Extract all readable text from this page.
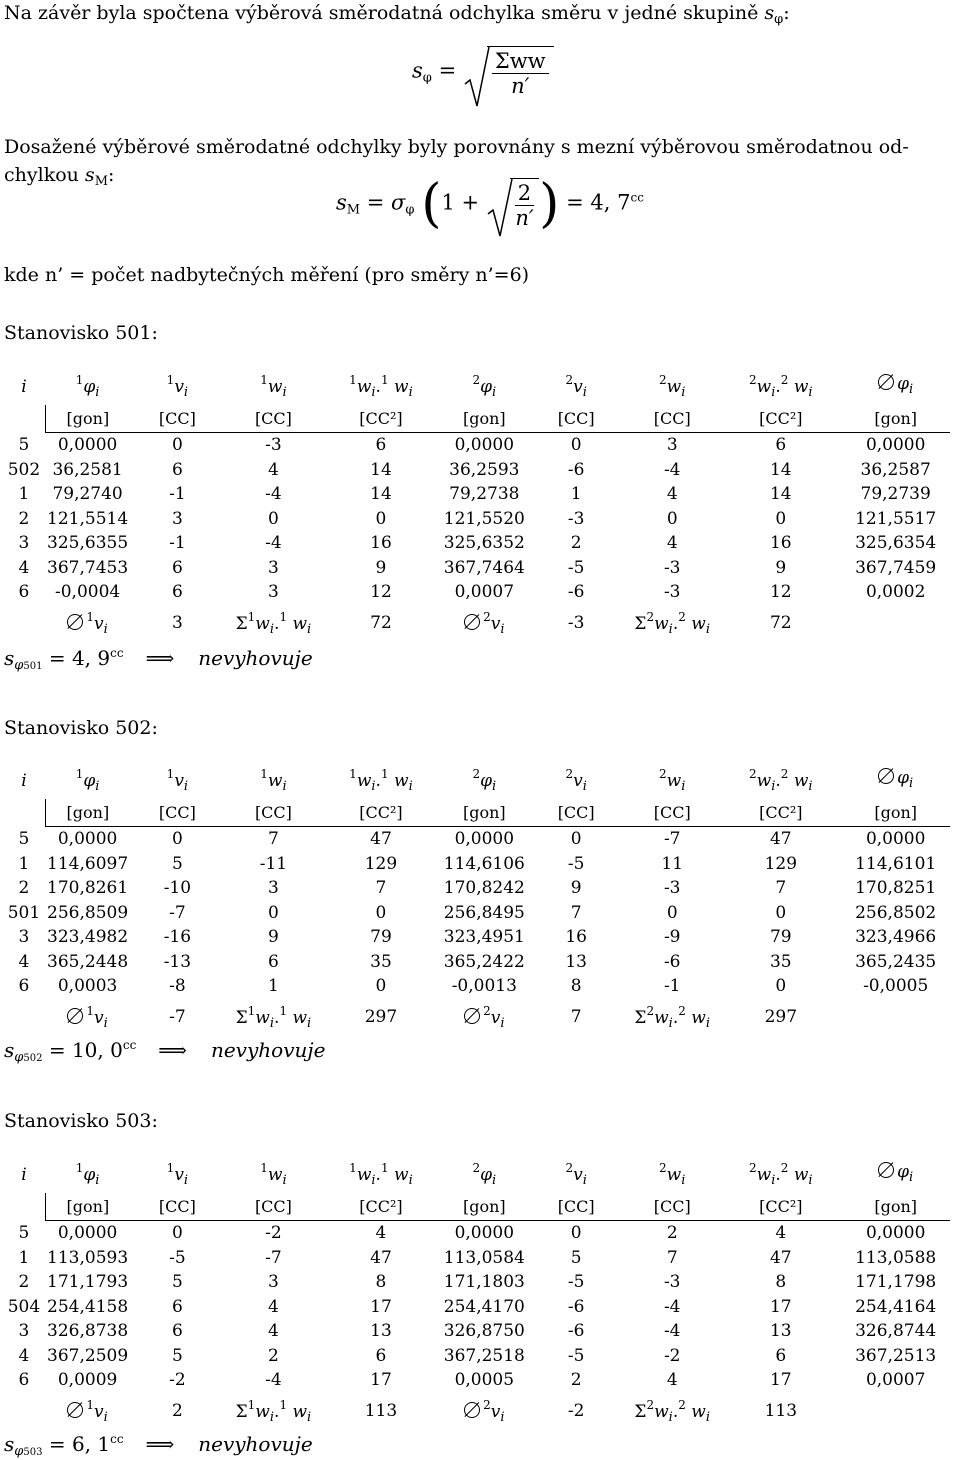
Na závěr byla spočtena výběrová směrodatná odchylka směru v jedné skupině $s_\varphi$:
$s_\varphi = \frac{\text{Σww}}{n'}$
Dosažené výběrové směrodatné odchylky byly porovnány s mezní výběrovou směrodatnou od-
chylkou $s_M$:
$s_M = \sigma_\varphi$ ($1 + \frac{2}{n'}$ ) = 4, $7^{cc}$
kde n’ = počet nadbytečných měření (pro směry n’=6)
Stanovisko 501:
i	$^1\varphi_i$	$^1v_i$	$^1w_i$	$^1w_i.^1$ $w_i$	$^2\varphi_i$	$^2v_i$	$^2w_i$	$^2w_i.^2$ $w_i$	$\varphi_i$
	[gon]	[CC]	[CC]	[CC²]	[gon]	[CC]	[CC]	[CC²]	[gon]
5	0,0000	0	-3	6	0,0000	0	3	6	0,0000
502	36,2581	6	4	14	36,2593	-6	-4	14	36,2587
1	79,2740	-1	-4	14	79,2738	1	4	14	79,2739
2	121,5514	3	0	0	121,5520	-3	0	0	121,5517
3	325,6355	-1	-4	16	325,6352	2	4	16	325,6354
4	367,7453	6	3	9	367,7464	-5	-3	9	367,7459
6	-0,0004	6	3	12	0,0007	-6	-3	12	0,0002
	$^1v_i$	3	$\Sigma^1w_i.^1$ $w_i$	72	$^2v_i$	-3	$\Sigma^2w_i.^2$ $w_i$	72	
$s_{\varphi 501} = 4$, $9^{cc}$ ⟹ nevyhovuje
Stanovisko 502:
i	$^1\varphi_i$	$^1v_i$	$^1w_i$	$^1w_i.^1$ $w_i$	$^2\varphi_i$	$^2v_i$	$^2w_i$	$^2w_i.^2$ $w_i$	$\varphi_i$
	[gon]	[CC]	[CC]	[CC²]	[gon]	[CC]	[CC]	[CC²]	[gon]
5	0,0000	0	7	47	0,0000	0	-7	47	0,0000
1	114,6097	5	-11	129	114,6106	-5	11	129	114,6101
2	170,8261	-10	3	7	170,8242	9	-3	7	170,8251
501	256,8509	-7	0	0	256,8495	7	0	0	256,8502
3	323,4982	-16	9	79	323,4951	16	-9	79	323,4966
4	365,2448	-13	6	35	365,2422	13	-6	35	365,2435
6	0,0003	-8	1	0	-0,0013	8	-1	0	-0,0005
	$^1v_i$	-7	$\Sigma^1w_i.^1$ $w_i$	297	$^2v_i$	7	$\Sigma^2w_i.^2$ $w_i$	297	
$s_{\varphi 502} = 10$, $0^{cc}$ ⟹ nevyhovuje
Stanovisko 503:
i	$^1\varphi_i$	$^1v_i$	$^1w_i$	$^1w_i.^1$ $w_i$	$^2\varphi_i$	$^2v_i$	$^2w_i$	$^2w_i.^2$ $w_i$	$\varphi_i$
	[gon]	[CC]	[CC]	[CC²]	[gon]	[CC]	[CC]	[CC²]	[gon]
5	0,0000	0	-2	4	0,0000	0	2	4	0,0000
1	113,0593	-5	-7	47	113,0584	5	7	47	113,0588
2	171,1793	5	3	8	171,1803	-5	-3	8	171,1798
504	254,4158	6	4	17	254,4170	-6	-4	17	254,4164
3	326,8738	6	4	13	326,8750	-6	-4	13	326,8744
4	367,2509	5	2	6	367,2518	-5	-2	6	367,2513
6	0,0009	-2	-4	17	0,0005	2	4	17	0,0007
	$^1v_i$	2	$\Sigma^1w_i.^1$ $w_i$	113	$^2v_i$	-2	$\Sigma^2w_i.^2$ $w_i$	113	
$s_{\varphi 503} = 6$, $1^{cc}$ ⟹ nevyhovuje
